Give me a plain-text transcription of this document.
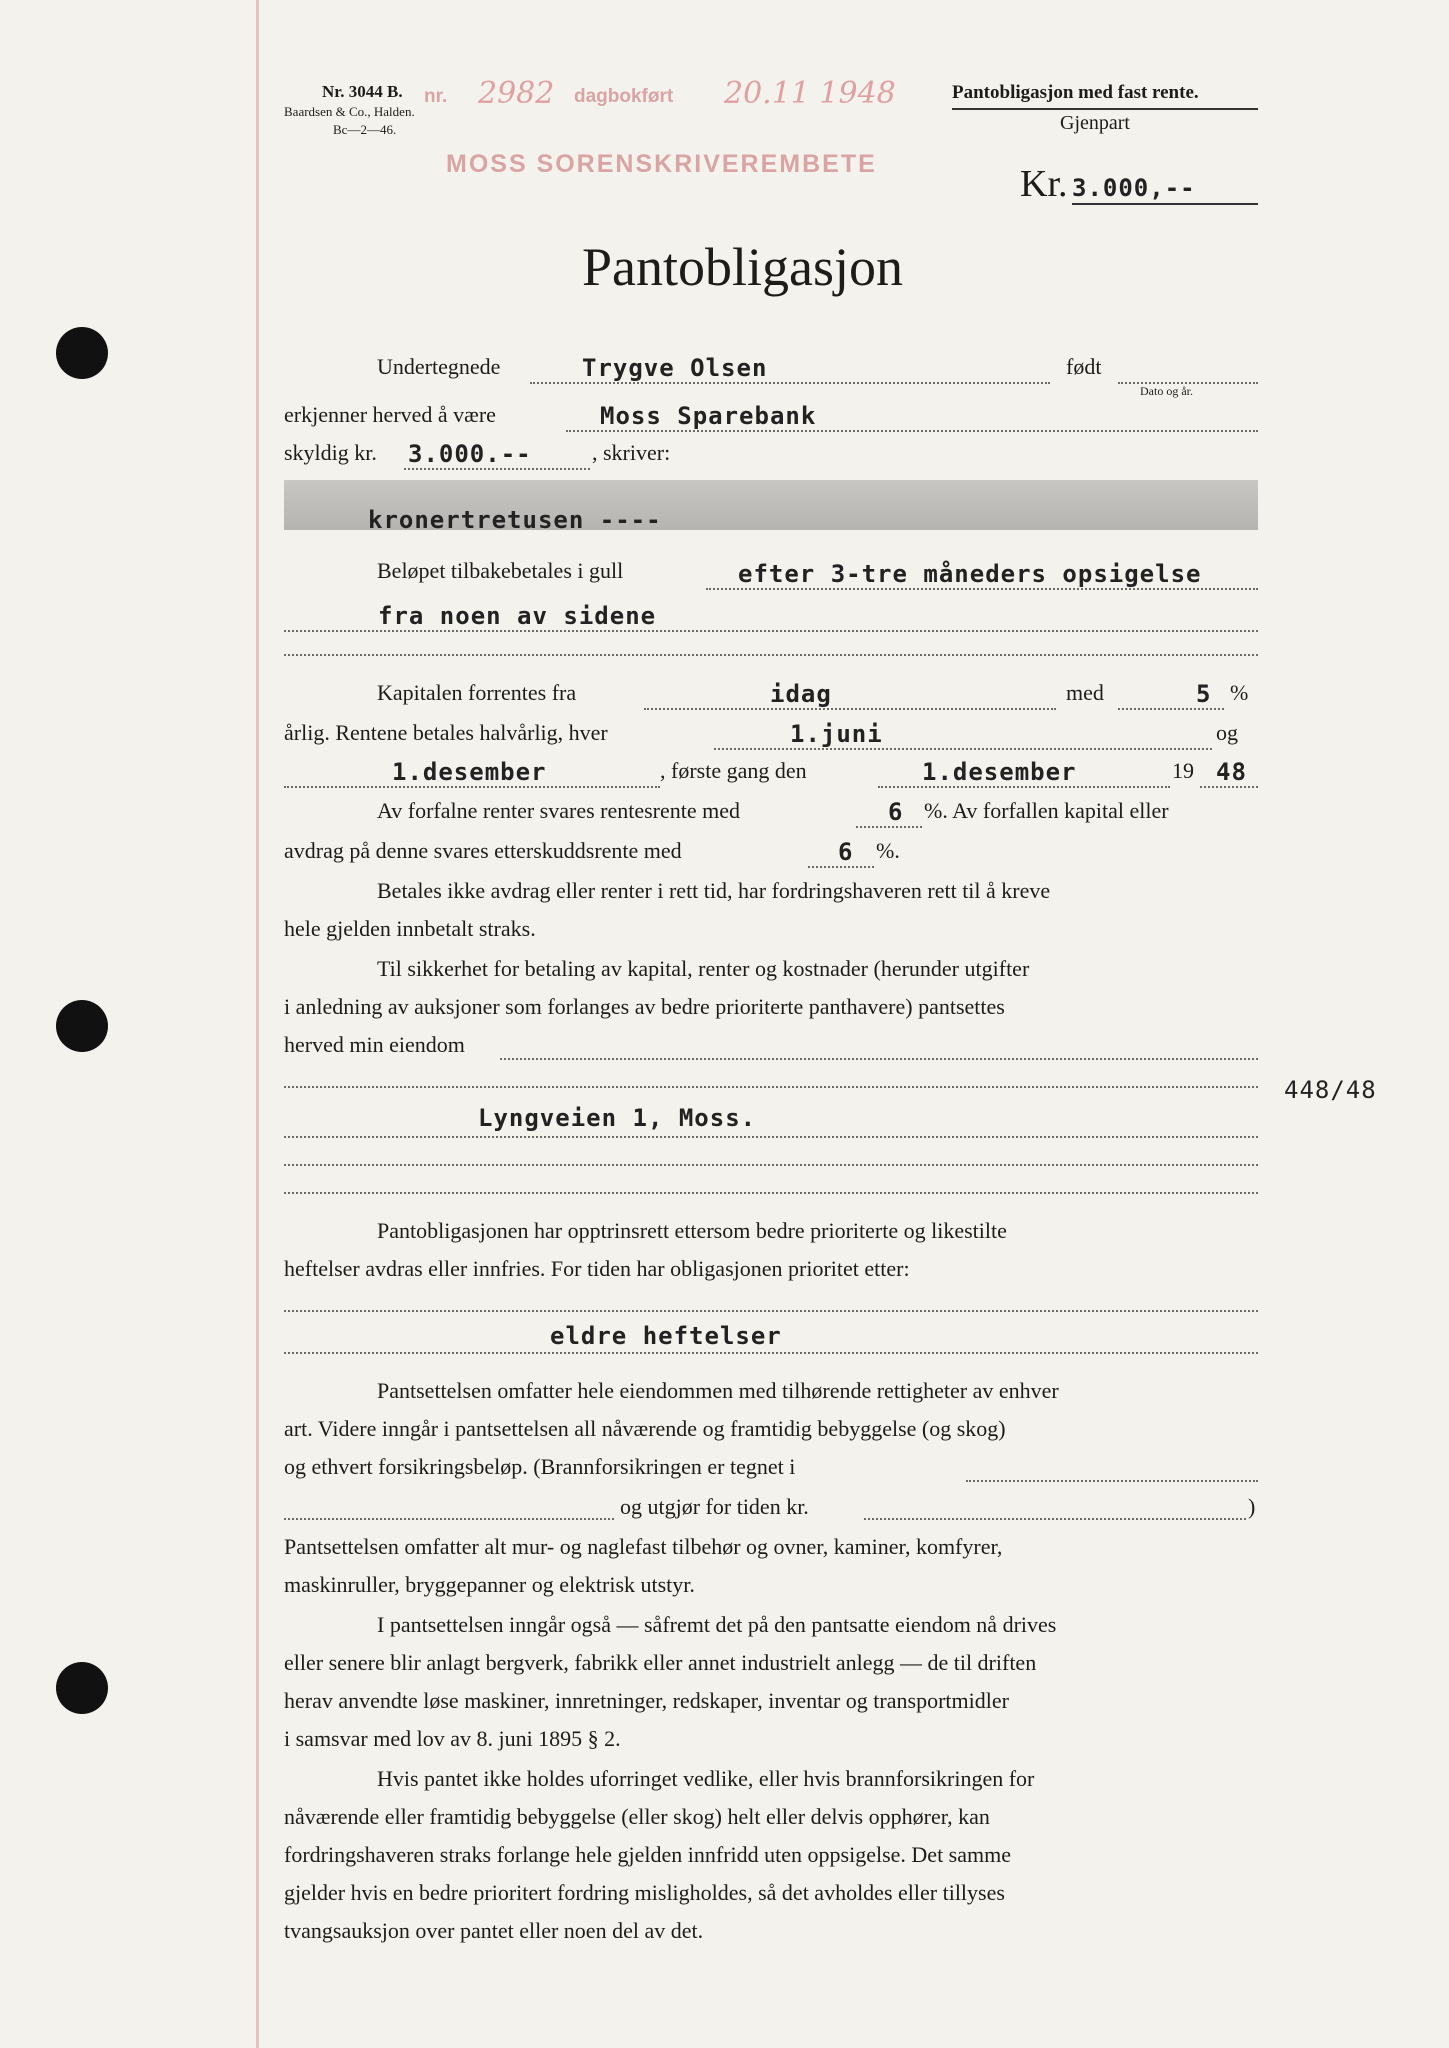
Nr. 3044 B.
Baardsen & Co., Halden.
Bc—2—46.
nr. 2982 dagbokført 20.11 1948
MOSS SORENSKRIVEREMBETE
Pantobligasjon med fast rente.
Gjenpart
Kr. 3.000,--
Pantobligasjon
Undertegnede	Trygve Olsen	født
Dato og år.
erkjenner herved å være	Moss Sparebank
skyldig kr. 3.000.--	, skriver:
kronertretusen ----
Beløpet tilbakebetales i gull	efter 3-tre måneders opsigelse
fra noen av sidene
Kapitalen forrentes fra	idag	med	5 %
årlig. Rentene betales halvårlig, hver	1.juni	og
1.desember	, første gang den	1.desember	19 48
Av forfalne renter svares rentesrente med	6 %. Av forfallen kapital eller
avdrag på denne svares etterskuddsrente med	6 %.
Betales ikke avdrag eller renter i rett tid, har fordringshaveren rett til å kreve
hele gjelden innbetalt straks.
Til sikkerhet for betaling av kapital, renter og kostnader (herunder utgifter
i anledning av auksjoner som forlanges av bedre prioriterte panthavere) pantsettes
herved min eiendom
448/48
Lyngveien 1, Moss.
Pantobligasjonen har opptrinsrett ettersom bedre prioriterte og likestilte
heftelser avdras eller innfries. For tiden har obligasjonen prioritet etter:
eldre heftelser
Pantsettelsen omfatter hele eiendommen med tilhørende rettigheter av enhver
art. Videre inngår i pantsettelsen all nåværende og framtidig bebyggelse (og skog)
og ethvert forsikringsbeløp. (Brannforsikringen er tegnet i
og utgjør for tiden kr.	)
Pantsettelsen omfatter alt mur- og naglefast tilbehør og ovner, kaminer, komfyrer,
maskinruller, bryggepanner og elektrisk utstyr.
I pantsettelsen inngår også — såfremt det på den pantsatte eiendom nå drives
eller senere blir anlagt bergverk, fabrikk eller annet industrielt anlegg — de til driften
herav anvendte løse maskiner, innretninger, redskaper, inventar og transportmidler
i samsvar med lov av 8. juni 1895 § 2.
Hvis pantet ikke holdes uforringet vedlike, eller hvis brannforsikringen for
nåværende eller framtidig bebyggelse (eller skog) helt eller delvis opphører, kan
fordringshaveren straks forlange hele gjelden innfridd uten oppsigelse. Det samme
gjelder hvis en bedre prioritert fordring misligholdes, så det avholdes eller tillyses
tvangsauksjon over pantet eller noen del av det.
